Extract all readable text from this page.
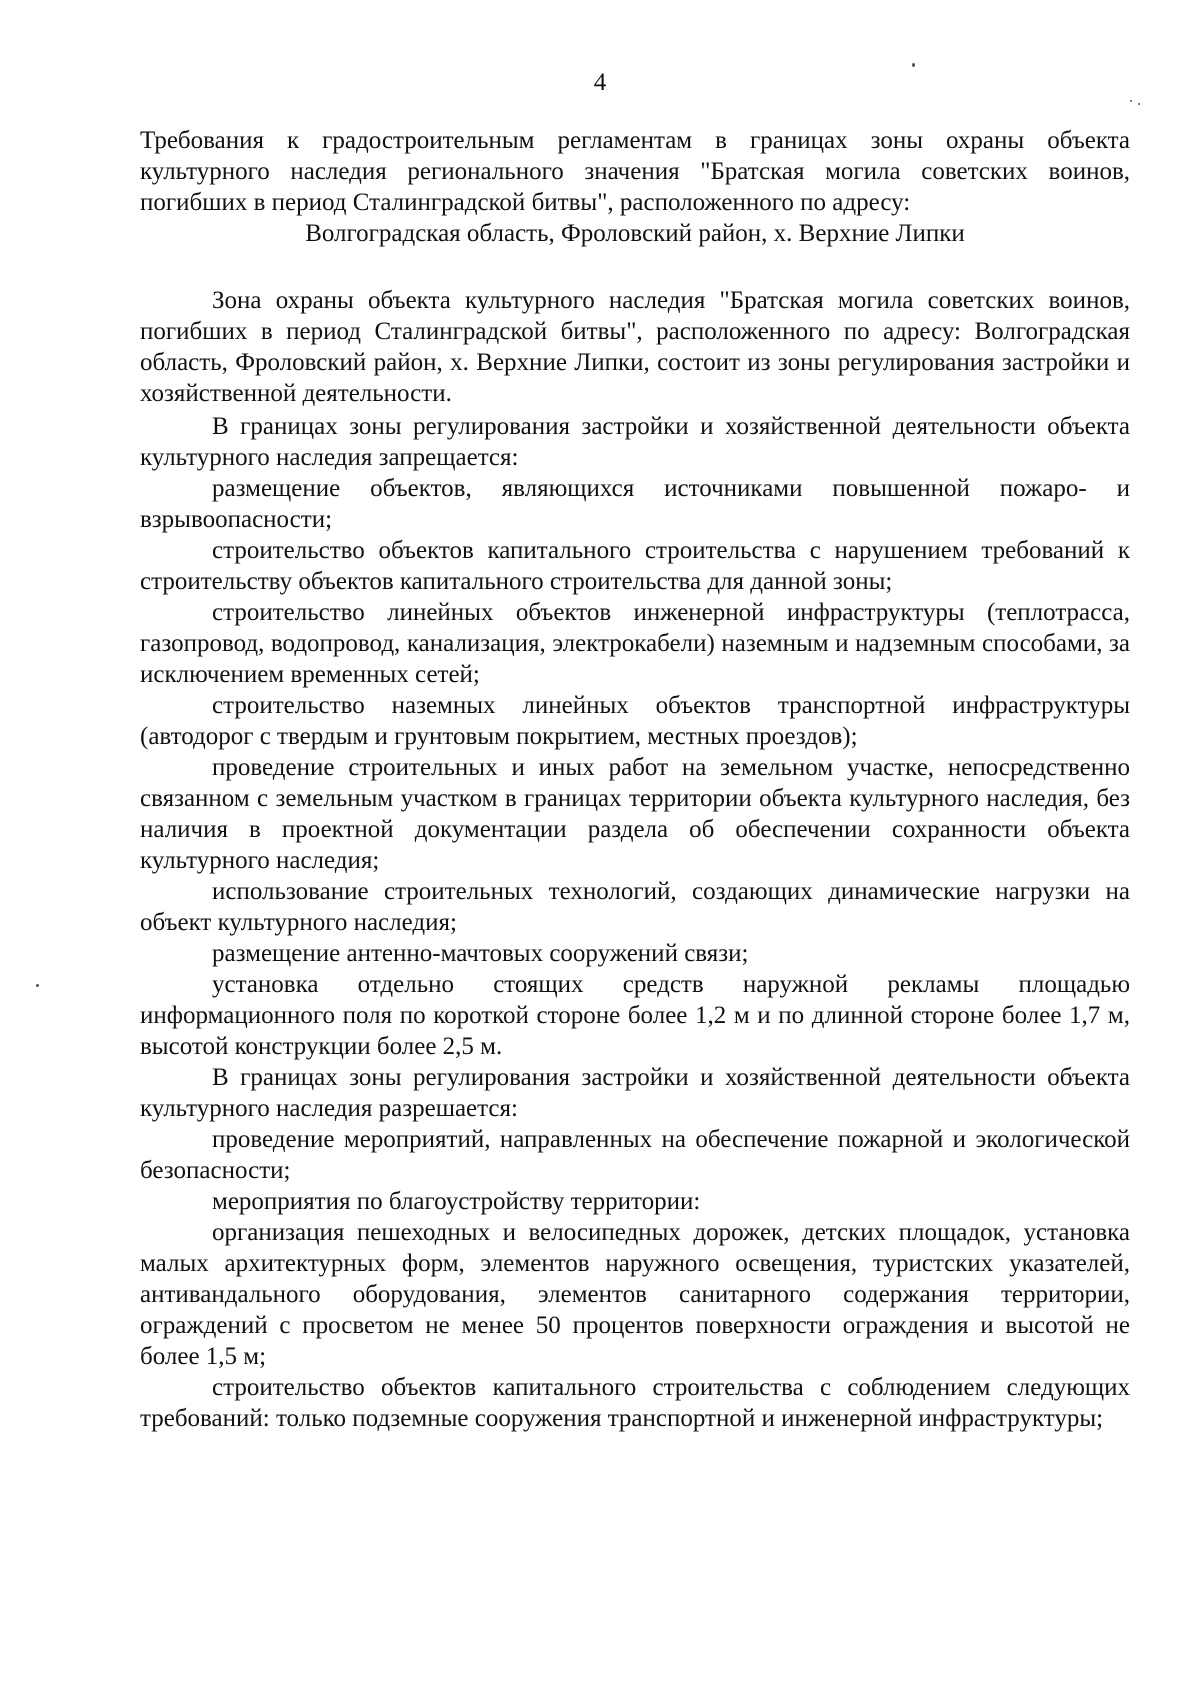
4
Требования к градостроительным регламентам в границах зоны охраны объекта культурного наследия регионального значения "Братская могила советских воинов, погибших в период Сталинградской битвы", расположенного по адресу:
Волгоградская область, Фроловский район, х. Верхние Липки

Зона охраны объекта культурного наследия "Братская могила советских воинов, погибших в период Сталинградской битвы", расположенного по адресу: Волгоградская область, Фроловский район, х. Верхние Липки, состоит из зоны регулирования застройки и хозяйственной деятельности.

В границах зоны регулирования застройки и хозяйственной деятельности объекта культурного наследия запрещается:

размещение объектов, являющихся источниками повышенной пожаро- и взрывоопасности;

строительство объектов капитального строительства с нарушением требований к строительству объектов капитального строительства для данной зоны;

строительство линейных объектов инженерной инфраструктуры (теплотрасса, газопровод, водопровод, канализация, электрокабели) наземным и надземным способами, за исключением временных сетей;

строительство наземных линейных объектов транспортной инфраструктуры (автодорог с твердым и грунтовым покрытием, местных проездов);

проведение строительных и иных работ на земельном участке, непосредственно связанном с земельным участком в границах территории объекта культурного наследия, без наличия в проектной документации раздела об обеспечении сохранности объекта культурного наследия;

использование строительных технологий, создающих динамические нагрузки на объект культурного наследия;

размещение антенно-мачтовых сооружений связи;

установка отдельно стоящих средств наружной рекламы площадью информационного поля по короткой стороне более 1,2 м и по длинной стороне более 1,7 м, высотой конструкции более 2,5 м.

В границах зоны регулирования застройки и хозяйственной деятельности объекта культурного наследия разрешается:

проведение мероприятий, направленных на обеспечение пожарной и экологической безопасности;

мероприятия по благоустройству территории:

организация пешеходных и велосипедных дорожек, детских площадок, установка малых архитектурных форм, элементов наружного освещения, туристских указателей, антивандального оборудования, элементов санитарного содержания территории, ограждений с просветом не менее 50 процентов поверхности ограждения и высотой не более 1,5 м;

строительство объектов капитального строительства с соблюдением следующих требований: только подземные сооружения транспортной и инженерной инфраструктуры;
